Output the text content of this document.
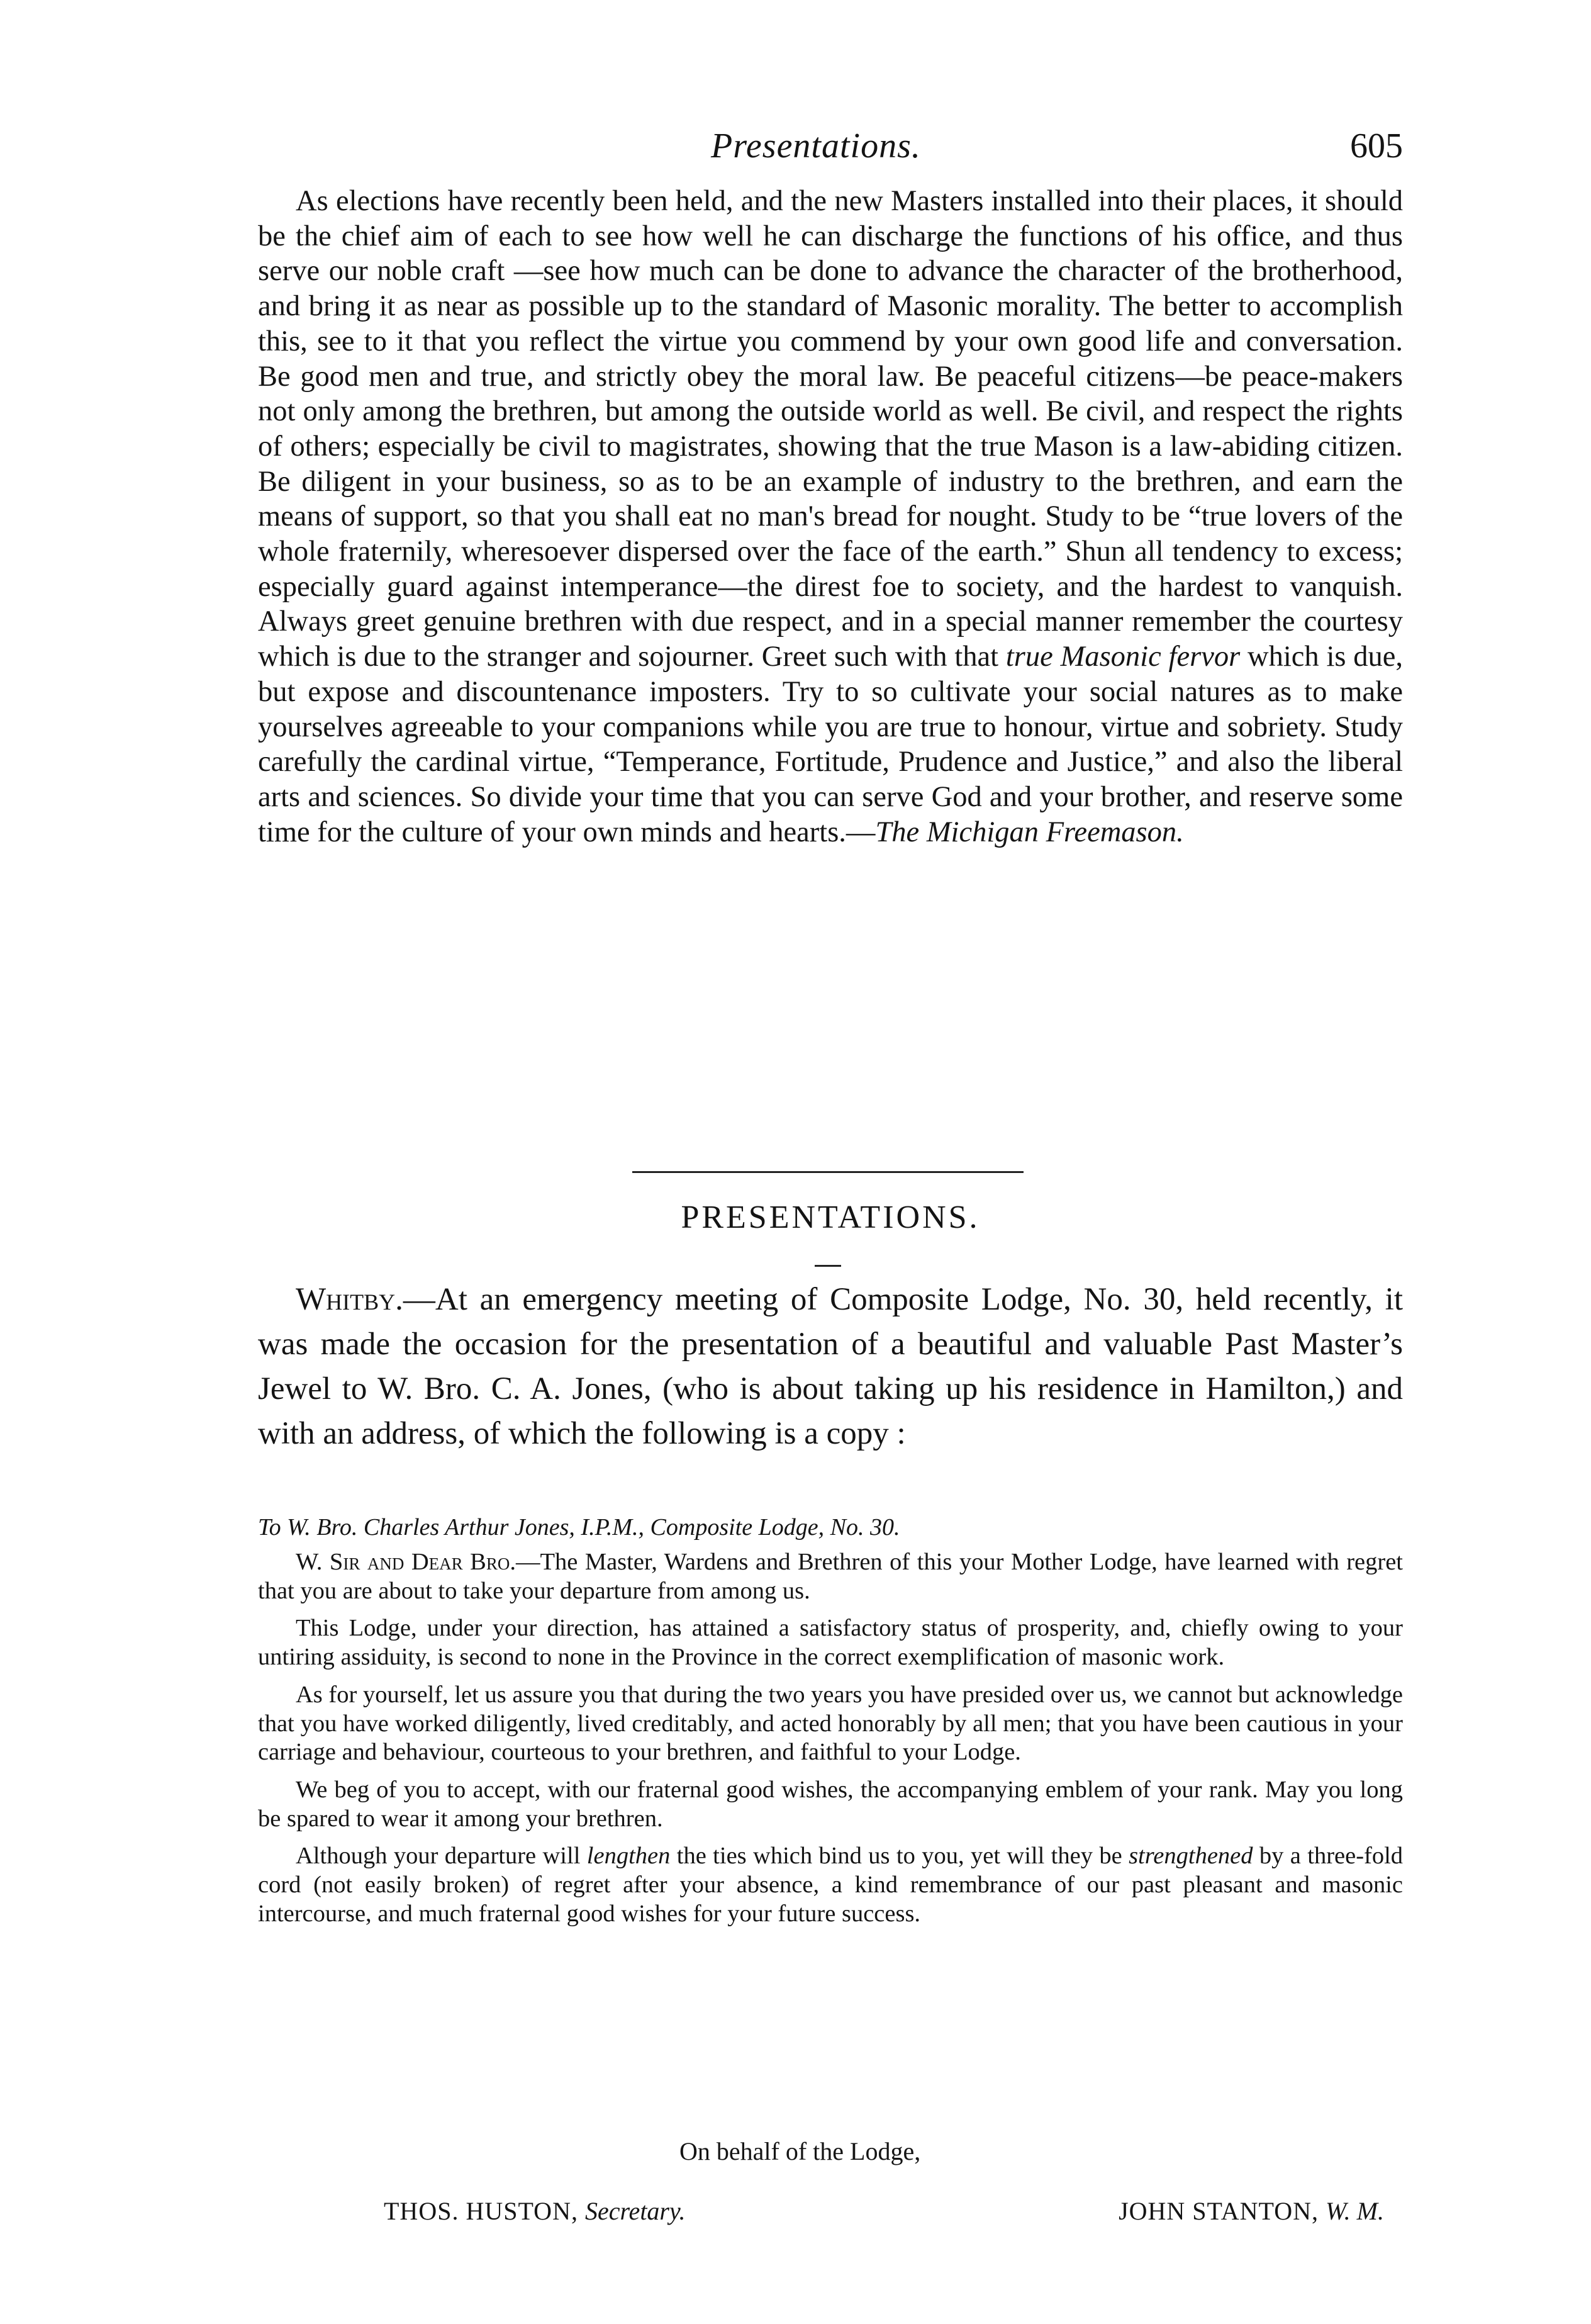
Presentations.	605
As elections have recently been held, and the new Masters installed into their places, it should be the chief aim of each to see how well he can discharge the functions of his office, and thus serve our noble craft —see how much can be done to advance the character of the brotherhood, and bring it as near as possible up to the standard of Masonic morality. The better to accomplish this, see to it that you reflect the virtue you commend by your own good life and conversation. Be good men and true, and strictly obey the moral law. Be peaceful citizens—be peace-makers not only among the brethren, but among the outside world as well. Be civil, and respect the rights of others; especially be civil to magistrates, showing that the true Mason is a law-abiding citizen. Be diligent in your business, so as to be an example of industry to the brethren, and earn the means of support, so that you shall eat no man's bread for nought. Study to be “true lovers of the whole fraternily, wheresoever dispersed over the face of the earth.” Shun all tendency to excess; especially guard against intemperance—the direst foe to society, and the hardest to vanquish. Always greet genuine brethren with due respect, and in a special manner remember the courtesy which is due to the stranger and sojourner. Greet such with that true Masonic fervor which is due, but expose and discountenance imposters. Try to so cultivate your social natures as to make yourselves agreeable to your companions while you are true to honour, virtue and sobriety. Study carefully the cardinal virtue, “Temperance, Fortitude, Prudence and Justice,” and also the liberal arts and sciences. So divide your time that you can serve God and your brother, and reserve some time for the culture of your own minds and hearts.—The Michigan Freemason.
PRESENTATIONS.
Whitby.—At an emergency meeting of Composite Lodge, No. 30, held recently, it was made the occasion for the presentation of a beautiful and valuable Past Master’s Jewel to W. Bro. C. A. Jones, (who is about taking up his residence in Hamilton,) and with an address, of which the following is a copy :
To W. Bro. Charles Arthur Jones, I.P.M., Composite Lodge, No. 30.

W. Sir and Dear Bro.—The Master, Wardens and Brethren of this your Mother Lodge, have learned with regret that you are about to take your departure from among us.

This Lodge, under your direction, has attained a satisfactory status of prosperity, and, chiefly owing to your untiring assiduity, is second to none in the Province in the correct exemplification of masonic work.

As for yourself, let us assure you that during the two years you have presided over us, we cannot but acknowledge that you have worked diligently, lived creditably, and acted honorably by all men; that you have been cautious in your carriage and behaviour, courteous to your brethren, and faithful to your Lodge.

We beg of you to accept, with our fraternal good wishes, the accompanying emblem of your rank. May you long be spared to wear it among your brethren.

Although your departure will lengthen the ties which bind us to you, yet will they be strengthened by a three-fold cord (not easily broken) of regret after your absence, a kind remembrance of our past pleasant and masonic intercourse, and much fraternal good wishes for your future success.

On behalf of the Lodge,
THOS. HUSTON, Secretary.	JOHN STANTON, W. M.
